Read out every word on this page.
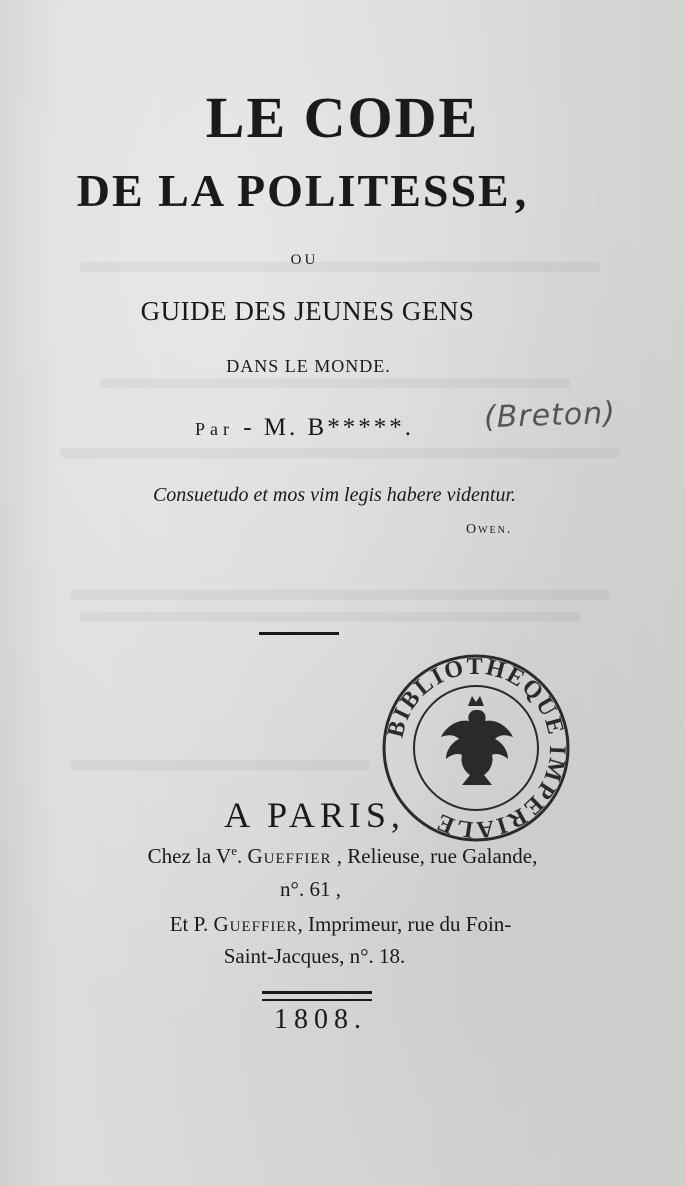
LE CODE
DE LA POLITESSE,
OU
GUIDE DES JEUNES GENS
DANS LE MONDE.
Par - M. B*****.	(Breton)
Consuetudo et mos vim legis habere videntur.
Owen.
BIBLIOTHEQUE IMPERIALE
A PARIS,
Chez la Ve. Gueffier , Relieuse, rue Galande,
n°. 61 ,
Et P. Gueffier, Imprimeur, rue du Foin-
Saint-Jacques, n°. 18.
1808.
